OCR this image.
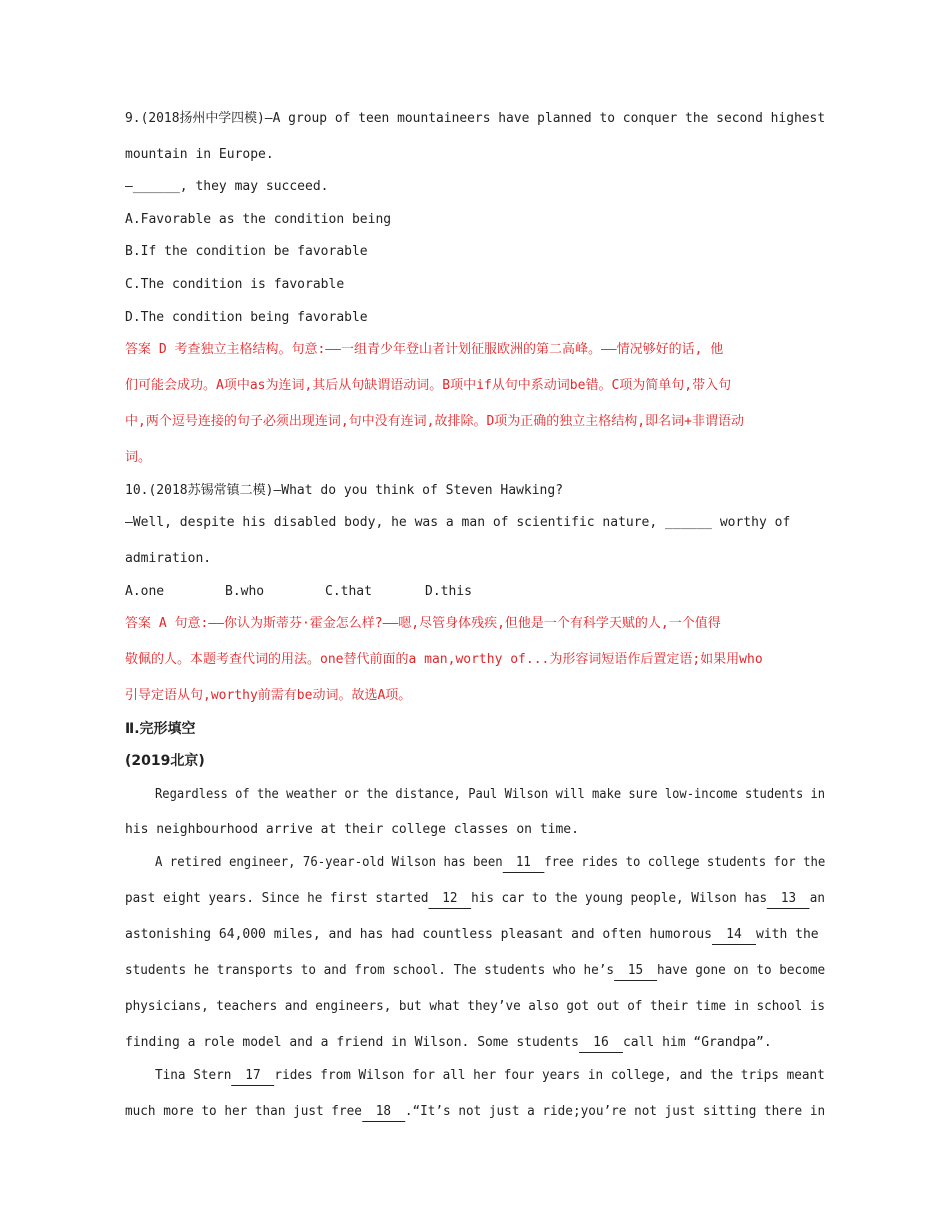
9.(2018扬州中学四模)—A group of teen mountaineers have planned to conquer the second highest
mountain in Europe.
—______, they may succeed.
A.Favorable as the condition being
B.If the condition be favorable
C.The condition is favorable
D.The condition being favorable
答案 D 考查独立主格结构。句意:——一组青少年登山者计划征服欧洲的第二高峰。——情况够好的话, 他
们可能会成功。A项中as为连词,其后从句缺谓语动词。B项中if从句中系动词be错。C项为简单句,带入句
中,两个逗号连接的句子必须出现连词,句中没有连词,故排除。D项为正确的独立主格结构,即名词+非谓语动
词。
10.(2018苏锡常镇二模)—What do you think of Steven Hawking?
—Well, despite his disabled body, he was a man of scientific nature, ______ worthy of
admiration.
A.one	B.who	C.that	D.this
答案 A 句意:——你认为斯蒂芬·霍金怎么样?——嗯,尽管身体残疾,但他是一个有科学天赋的人,一个值得
敬佩的人。本题考查代词的用法。one替代前面的a man,worthy of...为形容词短语作后置定语;如果用who
引导定语从句,worthy前需有be动词。故选A项。
Ⅱ.完形填空
(2019北京)
Regardless of the weather or the distance, Paul Wilson will make sure low-income students in
his neighbourhood arrive at their college classes on time.
A retired engineer, 76-year-old Wilson has been 11 free rides to college students for the
past eight years. Since he first started 12 his car to the young people, Wilson has 13 an
astonishing 64,000 miles, and has had countless pleasant and often humorous 14 with the
students he transports to and from school. The students who he’s 15 have gone on to become
physicians, teachers and engineers, but what they’ve also got out of their time in school is
finding a role model and a friend in Wilson. Some students 16 call him “Grandpa”.
Tina Stern 17 rides from Wilson for all her four years in college, and the trips meant
much more to her than just free 18 .“It’s not just a ride;you’re not just sitting there in
